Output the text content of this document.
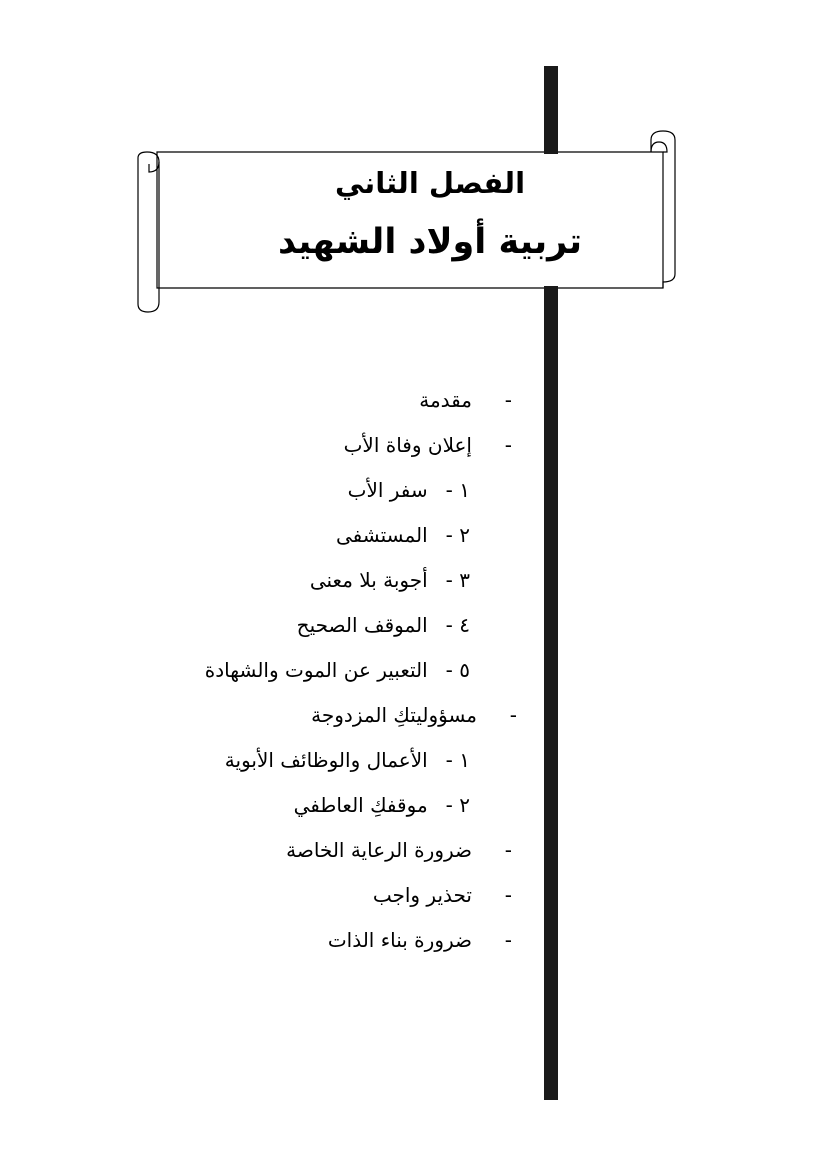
الفصل الثاني
تربية أولاد الشهيد
-
مقدمة
-
إعلان وفاة الأب
١ -
سفر الأب
٢ -
المستشفى
٣ -
أجوبة بلا معنى
٤ -
الموقف الصحيح
٥ -
التعبير عن الموت والشهادة
-
مسؤوليتكِ المزدوجة
١ -
الأعمال والوظائف الأبوية
٢ -
موقفكِ العاطفي
-
ضرورة الرعاية الخاصة
-
تحذير واجب
-
ضرورة بناء الذات
